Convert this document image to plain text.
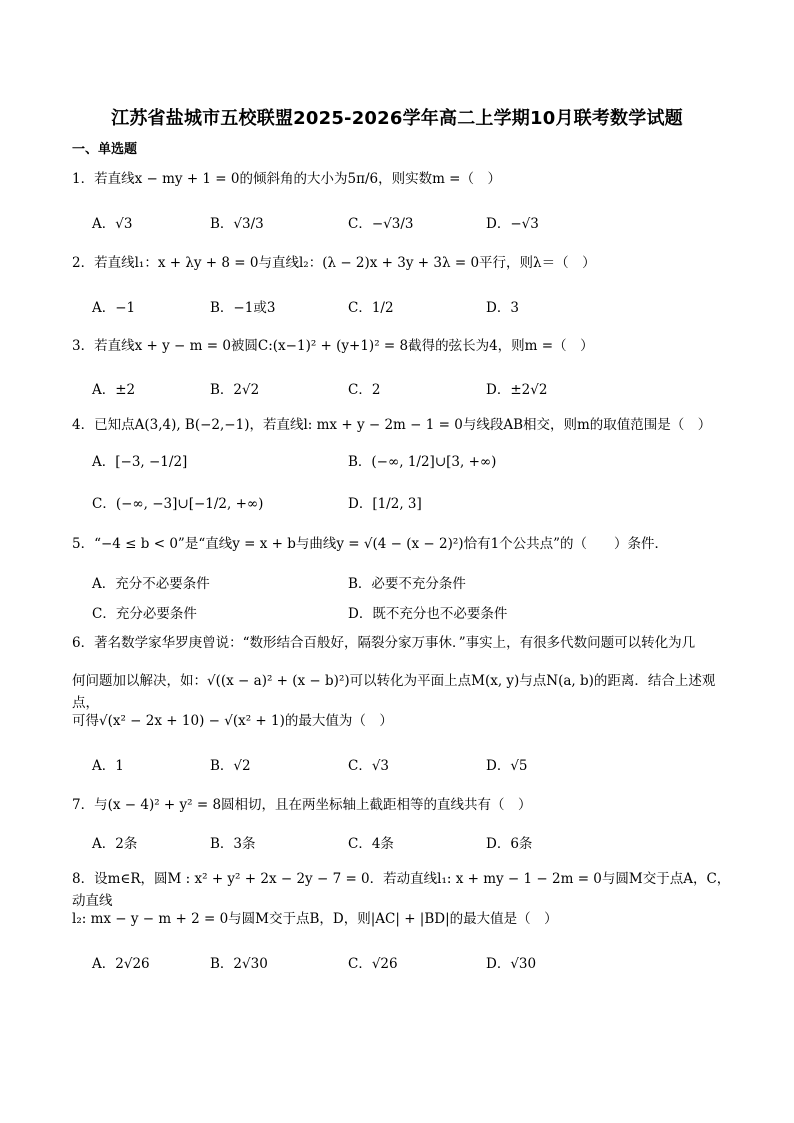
江苏省盐城市五校联盟2025-2026学年高二上学期10月联考数学试题
一、单选题
1．若直线x − my + 1 = 0的倾斜角的大小为5π/6，则实数m =（　）
A．√3	B．√3/3	C．−√3/3	D．−√3
2．若直线l₁：x + λy + 8 = 0与直线l₂：(λ − 2)x + 3y + 3λ = 0平行，则λ＝（　）
A．−1	B．−1或3	C．1/2	D．3
3．若直线x + y − m = 0被圆C:(x−1)² + (y+1)² = 8截得的弦长为4，则m =（　）
A．±2	B．2√2	C．2	D．±2√2
4．已知点A(3,4), B(−2,−1)，若直线l: mx + y − 2m − 1 = 0与线段AB相交，则m的取值范围是（　）
A．[−3, −1/2]	B．(−∞, 1/2]∪[3, +∞)
C．(−∞, −3]∪[−1/2, +∞)	D．[1/2, 3]
5．“−4 ≤ b < 0”是“直线y = x + b与曲线y = √(4 − (x − 2)²)恰有1个公共点”的（　　）条件．
A．充分不必要条件	B．必要不充分条件
C．充分必要条件	D．既不充分也不必要条件
6．著名数学家华罗庚曾说：“数形结合百般好，隔裂分家万事休．”事实上，有很多代数问题可以转化为几
何问题加以解决，如：√((x − a)² + (x − b)²)可以转化为平面上点M(x, y)与点N(a, b)的距离．结合上述观点，
可得√(x² − 2x + 10) − √(x² + 1)的最大值为（　）
A．1	B．√2	C．√3	D．√5
7．与(x − 4)² + y² = 8圆相切，且在两坐标轴上截距相等的直线共有（　）
A．2条	B．3条	C．4条	D．6条
8．设m∈R，圆M : x² + y² + 2x − 2y − 7 = 0．若动直线l₁: x + my − 1 − 2m = 0与圆M交于点A，C，动直线
l₂: mx − y − m + 2 = 0与圆M交于点B，D，则|AC| + |BD|的最大值是（　）
A．2√26	B．2√30	C．√26	D．√30
